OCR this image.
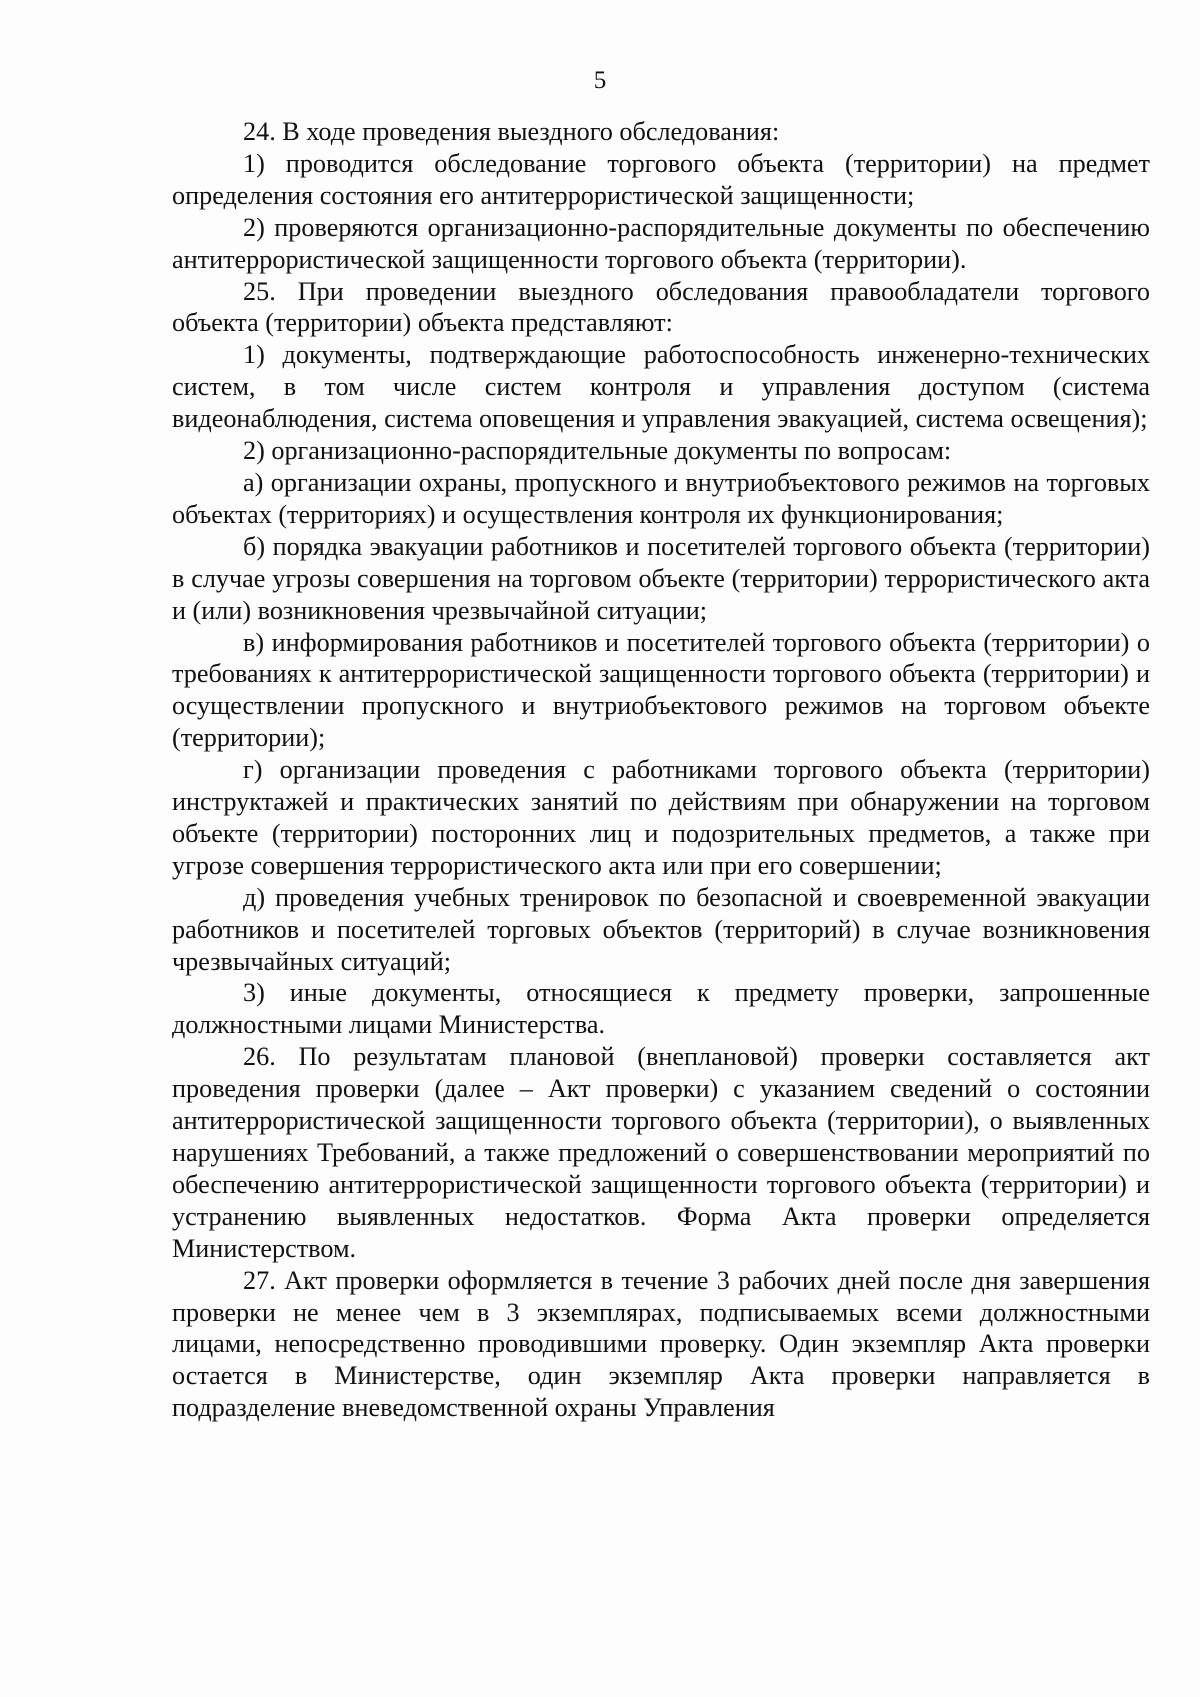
5

24. В ходе проведения выездного обследования:

1) проводится обследование торгового объекта (территории) на предмет определения состояния его антитеррористической защищенности;

2) проверяются организационно-распорядительные документы по обеспечению антитеррористической защищенности торгового объекта (территории).

25. При проведении выездного обследования правообладатели торгового объекта (территории) объекта представляют:

1) документы, подтверждающие работоспособность инженерно-технических систем, в том числе систем контроля и управления доступом (система видеонаблюдения, система оповещения и управления эвакуацией, система освещения);

2) организационно-распорядительные документы по вопросам:

а) организации охраны, пропускного и внутриобъектового режимов на торговых объектах (территориях) и осуществления контроля их функционирования;

б) порядка эвакуации работников и посетителей торгового объекта (территории) в случае угрозы совершения на торговом объекте (территории) террористического акта и (или) возникновения чрезвычайной ситуации;

в) информирования работников и посетителей торгового объекта (территории) о требованиях к антитеррористической защищенности торгового объекта (территории) и осуществлении пропускного и внутриобъектового режимов на торговом объекте (территории);

г) организации проведения с работниками торгового объекта (территории) инструктажей и практических занятий по действиям при обнаружении на торговом объекте (территории) посторонних лиц и подозрительных предметов, а также при угрозе совершения террористического акта или при его совершении;

д) проведения учебных тренировок по безопасной и своевременной эвакуации работников и посетителей торговых объектов (территорий) в случае возникновения чрезвычайных ситуаций;

3) иные документы, относящиеся к предмету проверки, запрошенные должностными лицами Министерства.

26. По результатам плановой (внеплановой) проверки составляется акт проведения проверки (далее – Акт проверки) с указанием сведений о состоянии антитеррористической защищенности торгового объекта (территории), о выявленных нарушениях Требований, а также предложений о совершенствовании мероприятий по обеспечению антитеррористической защищенности торгового объекта (территории) и устранению выявленных недостатков. Форма Акта проверки определяется Министерством.

27. Акт проверки оформляется в течение 3 рабочих дней после дня завершения проверки не менее чем в 3 экземплярах, подписываемых всеми должностными лицами, непосредственно проводившими проверку. Один экземпляр Акта проверки остается в Министерстве, один экземпляр Акта проверки направляется в подразделение вневедомственной охраны Управления
